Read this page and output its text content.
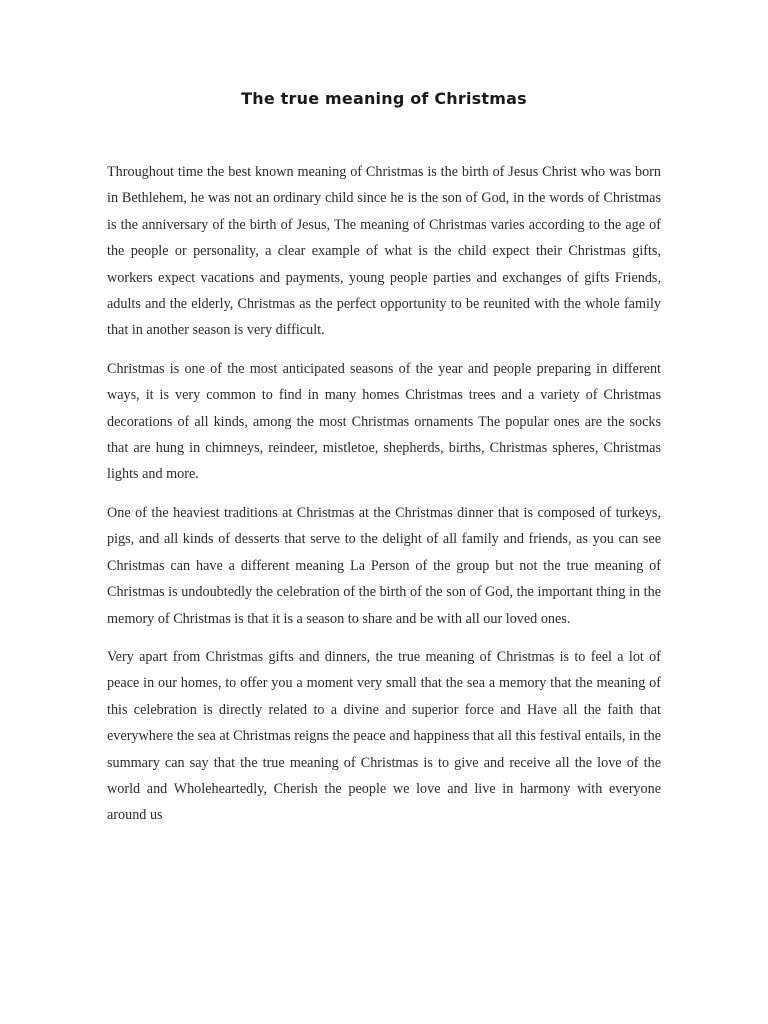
The true meaning of Christmas

Throughout time the best known meaning of Christmas is the birth of Jesus Christ who was born in Bethlehem, he was not an ordinary child since he is the son of God, in the words of Christmas is the anniversary of the birth of Jesus, The meaning of Christmas varies according to the age of the people or personality, a clear example of what is the child expect their Christmas gifts, workers expect vacations and payments, young people parties and exchanges of gifts Friends, adults and the elderly, Christmas as the perfect opportunity to be reunited with the whole family that in another season is very difficult.

Christmas is one of the most anticipated seasons of the year and people preparing in different ways, it is very common to find in many homes Christmas trees and a variety of Christmas decorations of all kinds, among the most Christmas ornaments The popular ones are the socks that are hung in chimneys, reindeer, mistletoe, shepherds, births, Christmas spheres, Christmas lights and more.

One of the heaviest traditions at Christmas at the Christmas dinner that is composed of turkeys, pigs, and all kinds of desserts that serve to the delight of all family and friends, as you can see Christmas can have a different meaning La Person of the group but not the true meaning of Christmas is undoubtedly the celebration of the birth of the son of God, the important thing in the memory of Christmas is that it is a season to share and be with all our loved ones.

Very apart from Christmas gifts and dinners, the true meaning of Christmas is to feel a lot of peace in our homes, to offer you a moment very small that the sea a memory that the meaning of this celebration is directly related to a divine and superior force and Have all the faith that everywhere the sea at Christmas reigns the peace and happiness that all this festival entails, in the summary can say that the true meaning of Christmas is to give and receive all the love of the world and Wholeheartedly, Cherish the people we love and live in harmony with everyone around us
